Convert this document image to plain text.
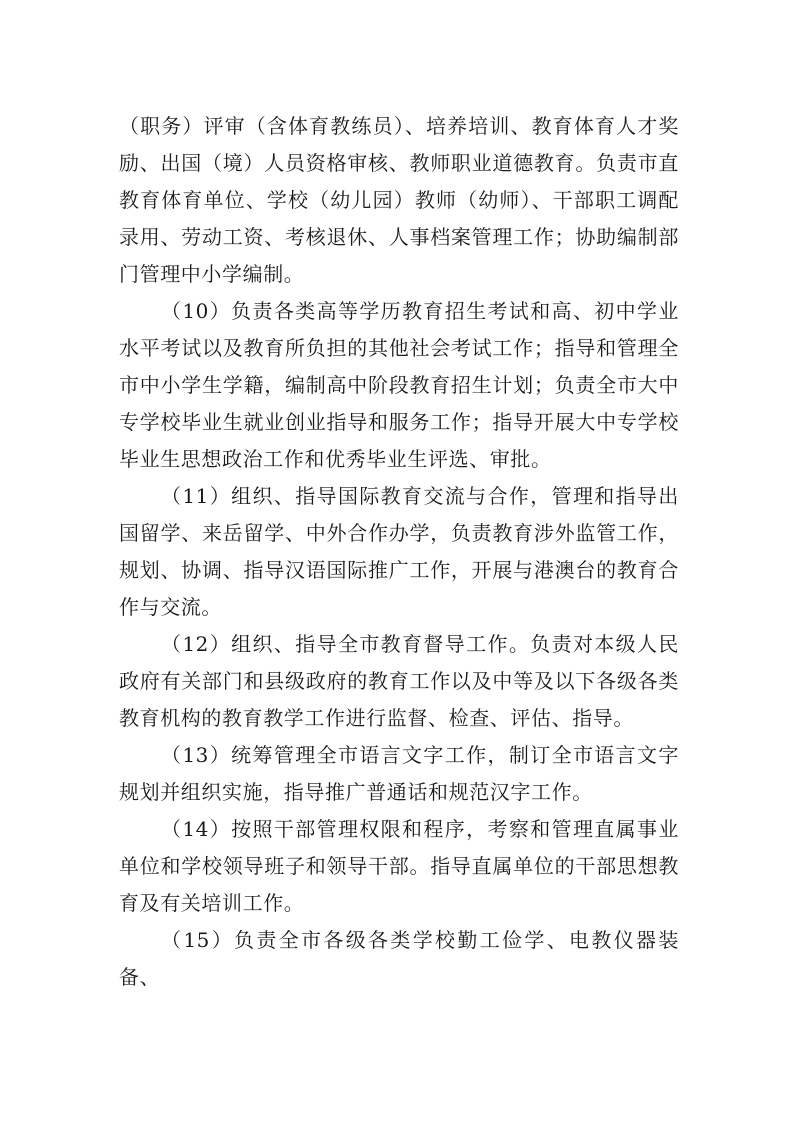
（职务）评审（含体育教练员）、培养培训、教育体育人才奖励、出国（境）人员资格审核、教师职业道德教育。负责市直教育体育单位、学校（幼儿园）教师（幼师）、干部职工调配录用、劳动工资、考核退休、人事档案管理工作；协助编制部门管理中小学编制。

（10）负责各类高等学历教育招生考试和高、初中学业水平考试以及教育所负担的其他社会考试工作；指导和管理全市中小学生学籍，编制高中阶段教育招生计划；负责全市大中专学校毕业生就业创业指导和服务工作；指导开展大中专学校毕业生思想政治工作和优秀毕业生评选、审批。

（11）组织、指导国际教育交流与合作，管理和指导出国留学、来岳留学、中外合作办学，负责教育涉外监管工作，规划、协调、指导汉语国际推广工作，开展与港澳台的教育合作与交流。

（12）组织、指导全市教育督导工作。负责对本级人民政府有关部门和县级政府的教育工作以及中等及以下各级各类教育机构的教育教学工作进行监督、检查、评估、指导。

（13）统筹管理全市语言文字工作，制订全市语言文字规划并组织实施，指导推广普通话和规范汉字工作。

（14）按照干部管理权限和程序，考察和管理直属事业单位和学校领导班子和领导干部。指导直属单位的干部思想教育及有关培训工作。

（15）负责全市各级各类学校勤工俭学、电教仪器装备、
